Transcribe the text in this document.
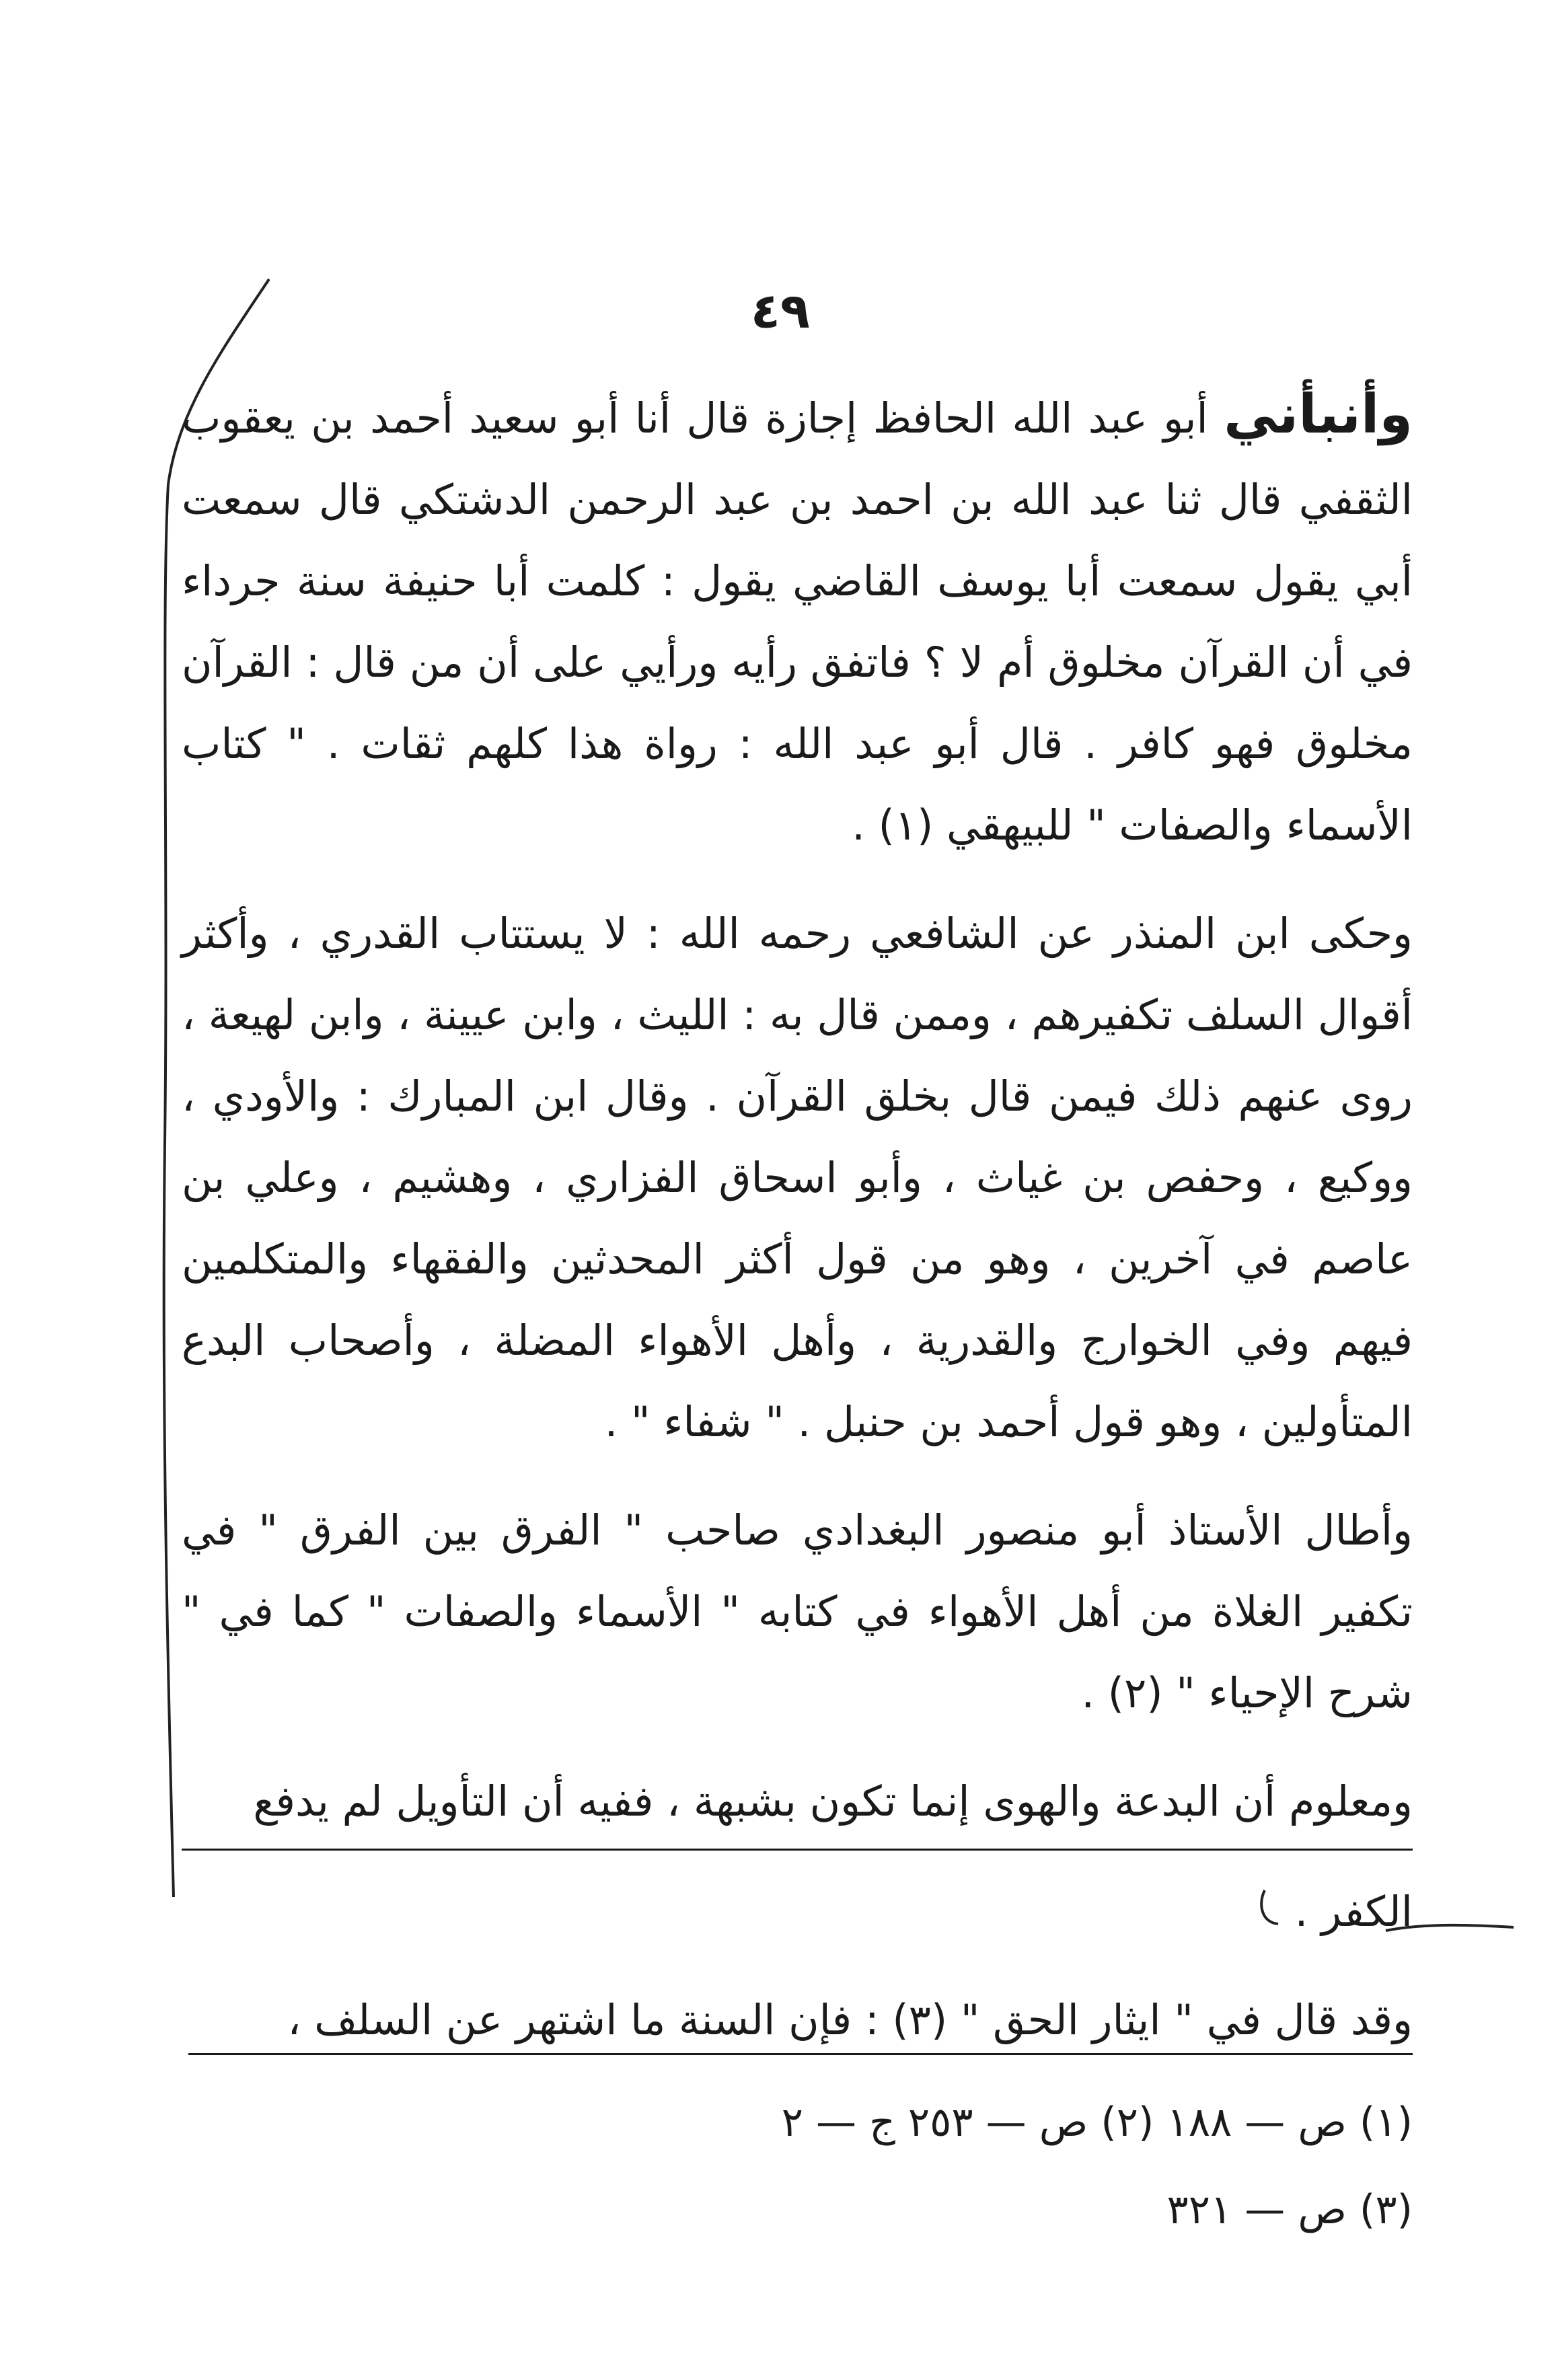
٤٩

وأنبأني أبو عبد الله الحافظ إجازة قال أنا أبو سعيد أحمد بن يعقوب الثقفي قال ثنا عبد الله بن احمد بن عبد الرحمن الدشتكي قال سمعت أبي يقول سمعت أبا يوسف القاضي يقول : كلمت أبا حنيفة سنة جرداء في أن القرآن مخلوق أم لا ؟ فاتفق رأيه ورأيي على أن من قال : القرآن مخلوق فهو كافر . قال أبو عبد الله : رواة هذا كلهم ثقات . " كتاب الأسماء والصفات " للبيهقي (١) .

وحكى ابن المنذر عن الشافعي رحمه الله : لا يستتاب القدري ، وأكثر أقوال السلف تكفيرهم ، وممن قال به : الليث ، وابن عيينة ، وابن لهيعة ، روى عنهم ذلك فيمن قال بخلق القرآن . وقال ابن المبارك : والأودي ، ووكيع ، وحفص بن غياث ، وأبو اسحاق الفزاري ، وهشيم ، وعلي بن عاصم في آخرين ، وهو من قول أكثر المحدثين والفقهاء والمتكلمين فيهم وفي الخوارج والقدرية ، وأهل الأهواء المضلة ، وأصحاب البدع المتأولين ، وهو قول أحمد بن حنبل . " شفاء " .

وأطال الأستاذ أبو منصور البغدادي صاحب " الفرق بين الفرق " في تكفير الغلاة من أهل الأهواء في كتابه " الأسماء والصفات " كما في " شرح الإحياء " (٢) .

ومعلوم أن البدعة والهوى إنما تكون بشبهة ، ففيه أن التأويل لم يدفع

الكفر .

وقد قال في " ايثار الحق " (٣) : فإن السنة ما اشتهر عن السلف ،

(١) ص — ١٨٨ (٢) ص — ٢٥٣ ج — ٢

(٣) ص — ٣٢١
